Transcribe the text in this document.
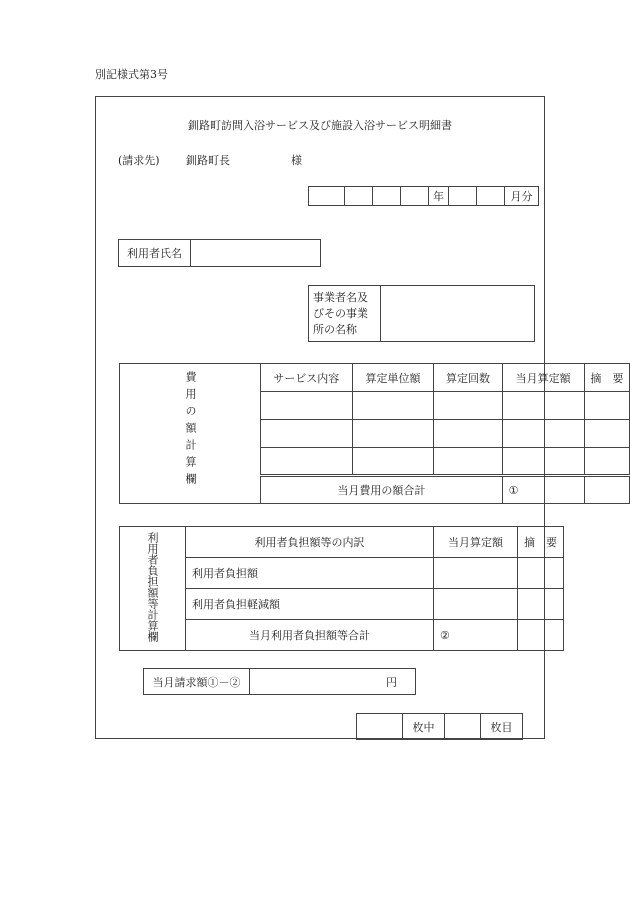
別記様式第3号
釧路町訪問入浴サービス及び施設入浴サービス明細書
(請求先) 釧路町長	様
				年			月分
利用者氏名	
事業者名及びその事業所の名称	
費用の額計算欄	サービス内容	算定単位額	算定回数	当月算定額	摘　要

	当月費用の額合計			①	
利用者負担額等計算欄	利用者負担額等の内訳	当月算定額	摘　要
	利用者負担額		
	利用者負担軽減額		
	当月利用者負担額等合計	②	
当月請求額①－②	円
	枚中		枚目
